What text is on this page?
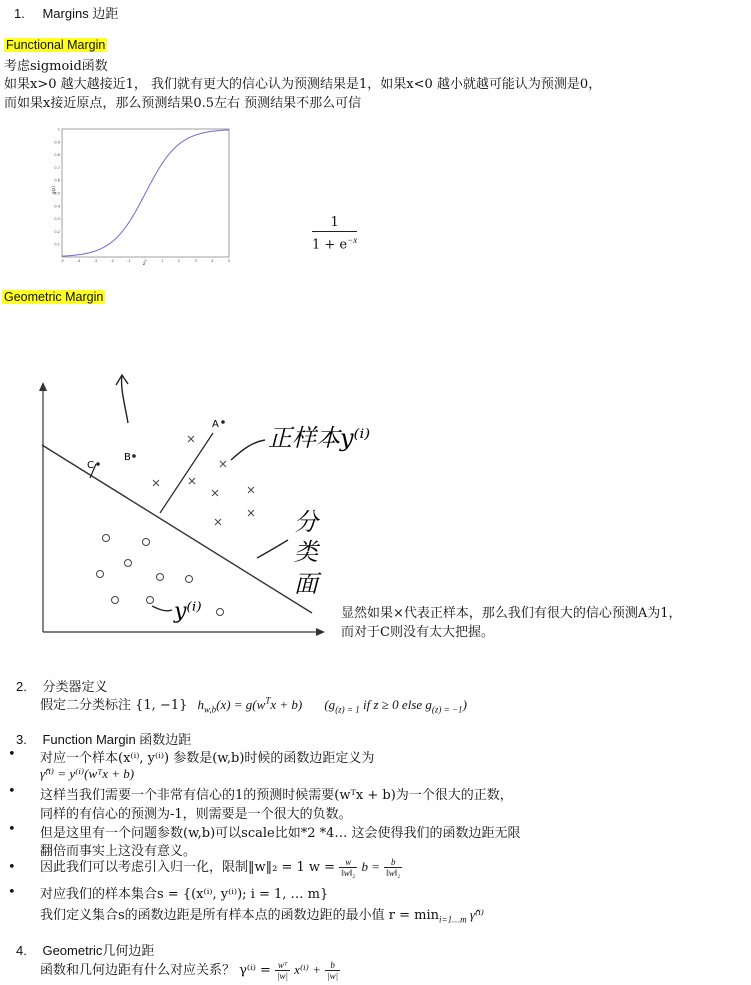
1. Margins 边距
Functional Margin
考虑sigmoid函数
如果x>0 越大越接近1， 我们就有更大的信心认为预测结果是1，如果x<0 越小就越可能认为预测是0，
而如果x接近原点，那么预测结果0.5左右 预测结果不那么可信
0.1
0.2
0.3
0.4
0.5
0.6
0.7
0.8
0.9
1
-5	-4	-3	-2	-1	0	1	2	3	4	5
g(z)
z
$\frac{1}{1 + e^{-x}}$
Geometric Margin
A
B
C
正样本y⁽ⁱ⁾
分
类
面
y⁽ⁱ⁾	显然如果×代表正样本，那么我们有很大的信心预测A为1，
而对于C则没有太大把握。
2. 分类器定义
假定二分类标注 {1, −1} $h_{w,b}(x) = g(w^Tx + b)$ ($g_{(z) = 1}$ if z ≥ 0 else $g_{(z) = -1}$)
3. Function Margin 函数边距
• 对应一个样本(x⁽ⁱ⁾, y⁽ⁱ⁾) 参数是(w,b)时候的函数边距定义为
γ̂⁽ⁱ⁾ = y⁽ⁱ⁾(wᵀx + b)
• 这样当我们需要一个非常有信心的1的预测时候需要(wᵀx + b)为一个很大的正数，
同样的有信心的预测为-1，则需要是一个很大的负数。
• 但是这里有一个问题参数(w,b)可以scale比如*2 *4… 这会使得我们的函数边距无限
翻倍而事实上这没有意义。
• 因此我们可以考虑引入归一化，限制‖w‖₂ = 1 $w = \frac{w}{\text{‖w‖₂}}$ $b = \frac{b}{\text{‖w‖₂}}$
• 对应我们的样本集合s = {(x⁽ⁱ⁾, y⁽ⁱ⁾); i = 1, … m}
我们定义集合s的函数边距是所有样本点的函数边距的最小值 $r = \min_{i=1\dots m}$ γ̂⁽ⁱ⁾
4. Geometric几何边距
函数和几何边距有什么对应关系？ $\gamma^{(i)} = \frac{\text{wᵀ}}{|w|} x^{(i)} + \frac{b}{|w|}$
